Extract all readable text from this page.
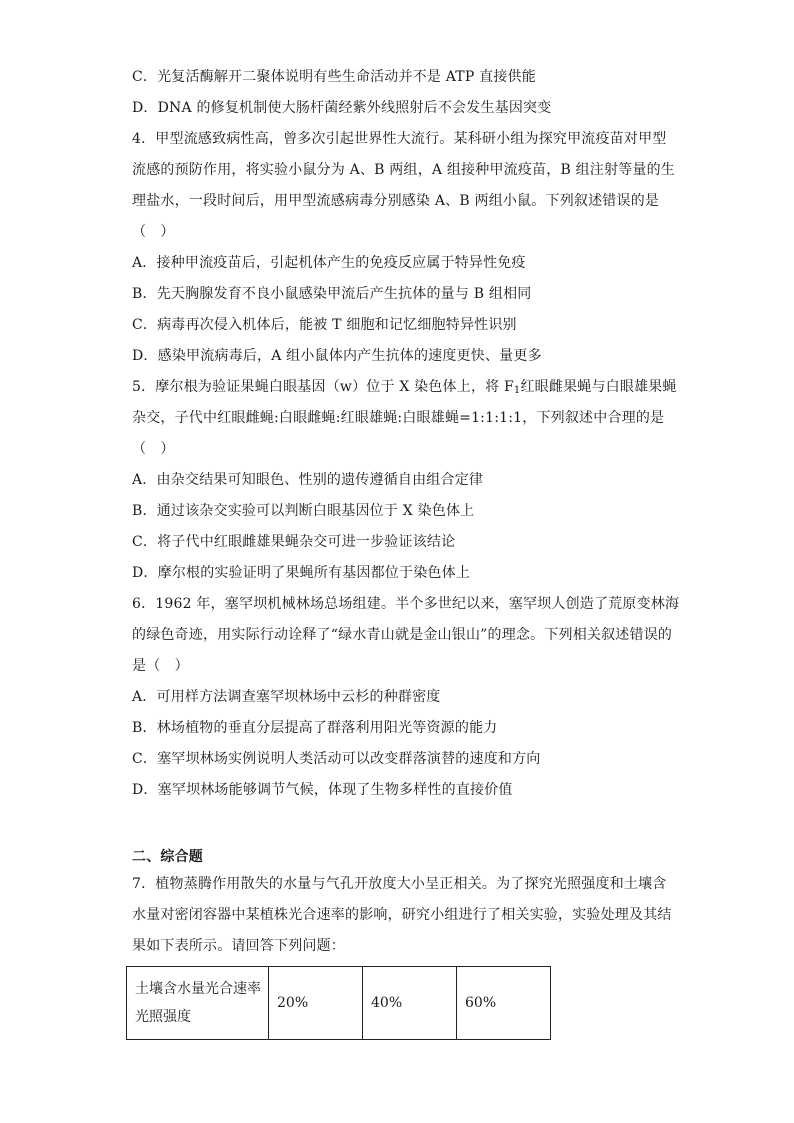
C．光复活酶解开二聚体说明有些生命活动并不是 ATP 直接供能
D．DNA 的修复机制使大肠杆菌经紫外线照射后不会发生基因突变
4．甲型流感致病性高，曾多次引起世界性大流行。某科研小组为探究甲流疫苗对甲型
流感的预防作用，将实验小鼠分为 A、B 两组，A 组接种甲流疫苗，B 组注射等量的生
理盐水，一段时间后，用甲型流感病毒分别感染 A、B 两组小鼠。下列叙述错误的是
（　）
A．接种甲流疫苗后，引起机体产生的免疫反应属于特异性免疫
B．先天胸腺发育不良小鼠感染甲流后产生抗体的量与 B 组相同
C．病毒再次侵入机体后，能被 T 细胞和记忆细胞特异性识别
D．感染甲流病毒后，A 组小鼠体内产生抗体的速度更快、量更多
5．摩尔根为验证果蝇白眼基因（w）位于 X 染色体上，将 $F_1$红眼雌果蝇与白眼雄果蝇
杂交，子代中红眼雌蝇:白眼雌蝇:红眼雄蝇:白眼雄蝇=1:1:1:1，下列叙述中合理的是
（　）
A．由杂交结果可知眼色、性别的遗传遵循自由组合定律
B．通过该杂交实验可以判断白眼基因位于 X 染色体上
C．将子代中红眼雌雄果蝇杂交可进一步验证该结论
D．摩尔根的实验证明了果蝇所有基因都位于染色体上
6．1962 年，塞罕坝机械林场总场组建。半个多世纪以来，塞罕坝人创造了荒原变林海
的绿色奇迹，用实际行动诠释了“绿水青山就是金山银山”的理念。下列相关叙述错误的
是（　）
A．可用样方法调查塞罕坝林场中云杉的种群密度
B．林场植物的垂直分层提高了群落利用阳光等资源的能力
C．塞罕坝林场实例说明人类活动可以改变群落演替的速度和方向
D．塞罕坝林场能够调节气候，体现了生物多样性的直接价值
二、综合题
7．植物蒸腾作用散失的水量与气孔开放度大小呈正相关。为了探究光照强度和土壤含
水量对密闭容器中某植株光合速率的影响，研究小组进行了相关实验，实验处理及其结
果如下表所示。请回答下列问题：
土壤含水量光合速率
光照强度
	20%	40%	60%
